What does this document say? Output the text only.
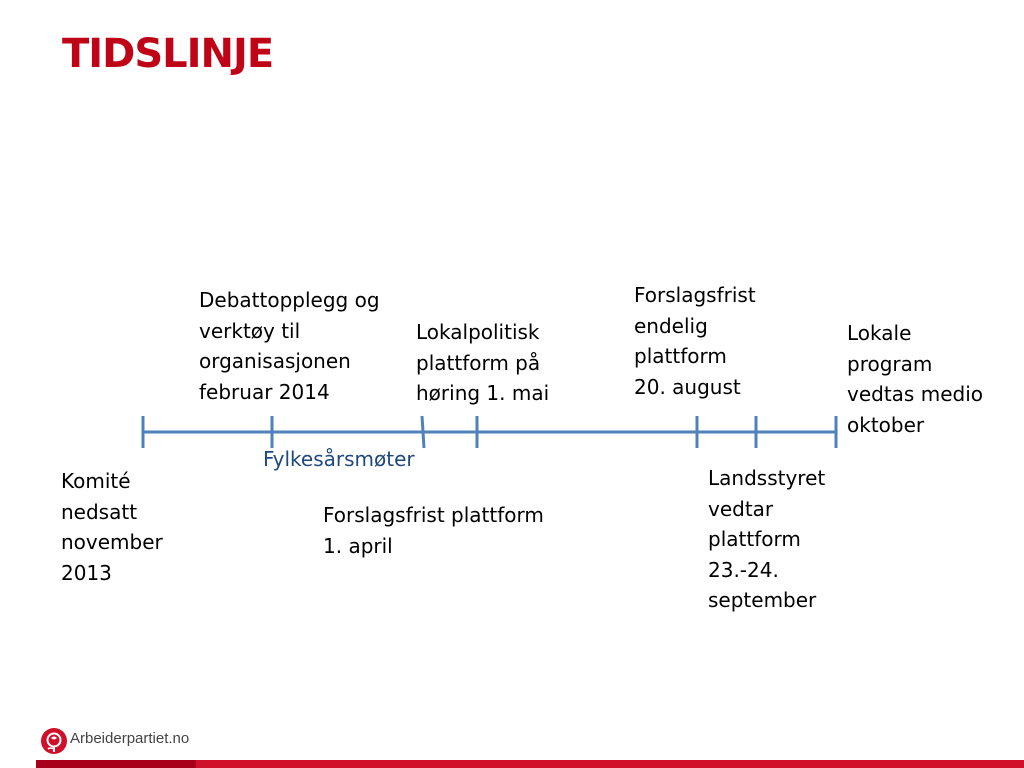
TIDSLINJE

Debattopplegg og
verktøy til
organisasjonen
februar 2014

Lokalpolitisk
plattform på
høring 1. mai

Forslagsfrist
endelig
plattform
20. august

Lokale
program
vedtas medio
oktober

Komité
nedsatt
november
2013

Fylkesårsmøter

Forslagsfrist plattform
1. april

Landsstyret
vedtar
plattform
23.-24.
september

Arbeiderpartiet.no
